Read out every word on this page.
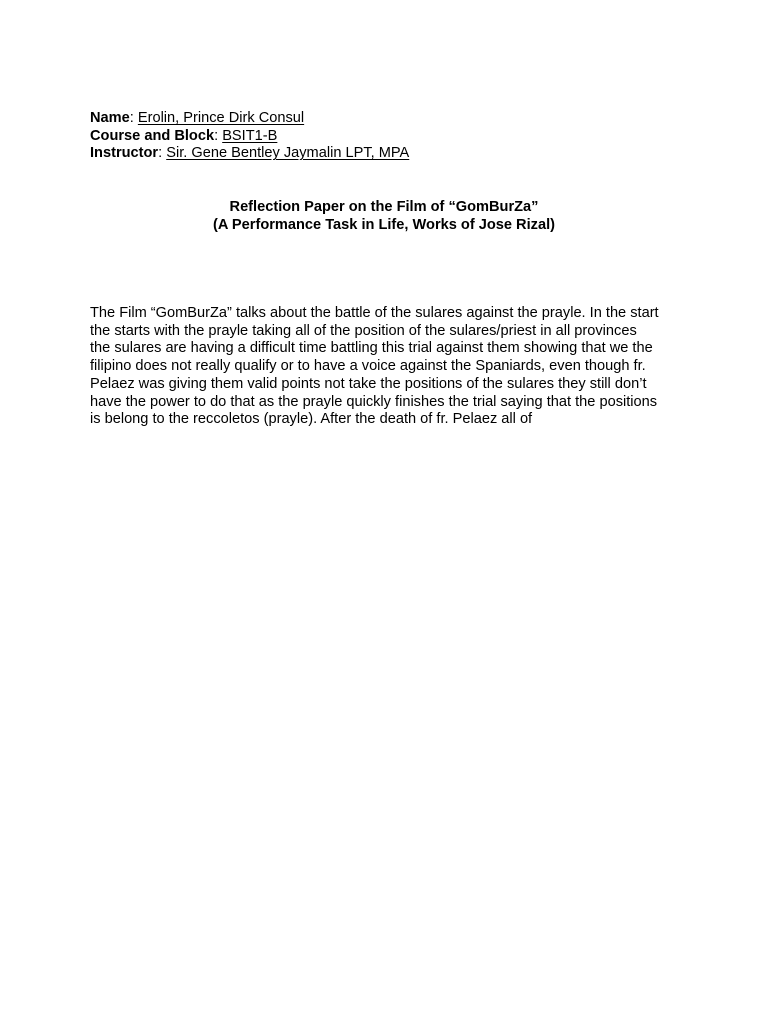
Name: Erolin, Prince Dirk Consul
Course and Block: BSIT1-B
Instructor: Sir. Gene Bentley Jaymalin LPT, MPA
Reflection Paper on the Film of “GomBurZa”
(A Performance Task in Life, Works of Jose Rizal)
The Film “GomBurZa” talks about the battle of the sulares against the prayle. In the start
the starts with the prayle taking all of the position of the sulares/priest in all provinces
the sulares are having a difficult time battling this trial against them showing that we the
filipino does not really qualify or to have a voice against the Spaniards, even though fr.
Pelaez was giving them valid points not take the positions of the sulares they still don’t
have the power to do that as the prayle quickly finishes the trial saying that the positions
is belong to the reccoletos (prayle). After the death of fr. Pelaez all of
